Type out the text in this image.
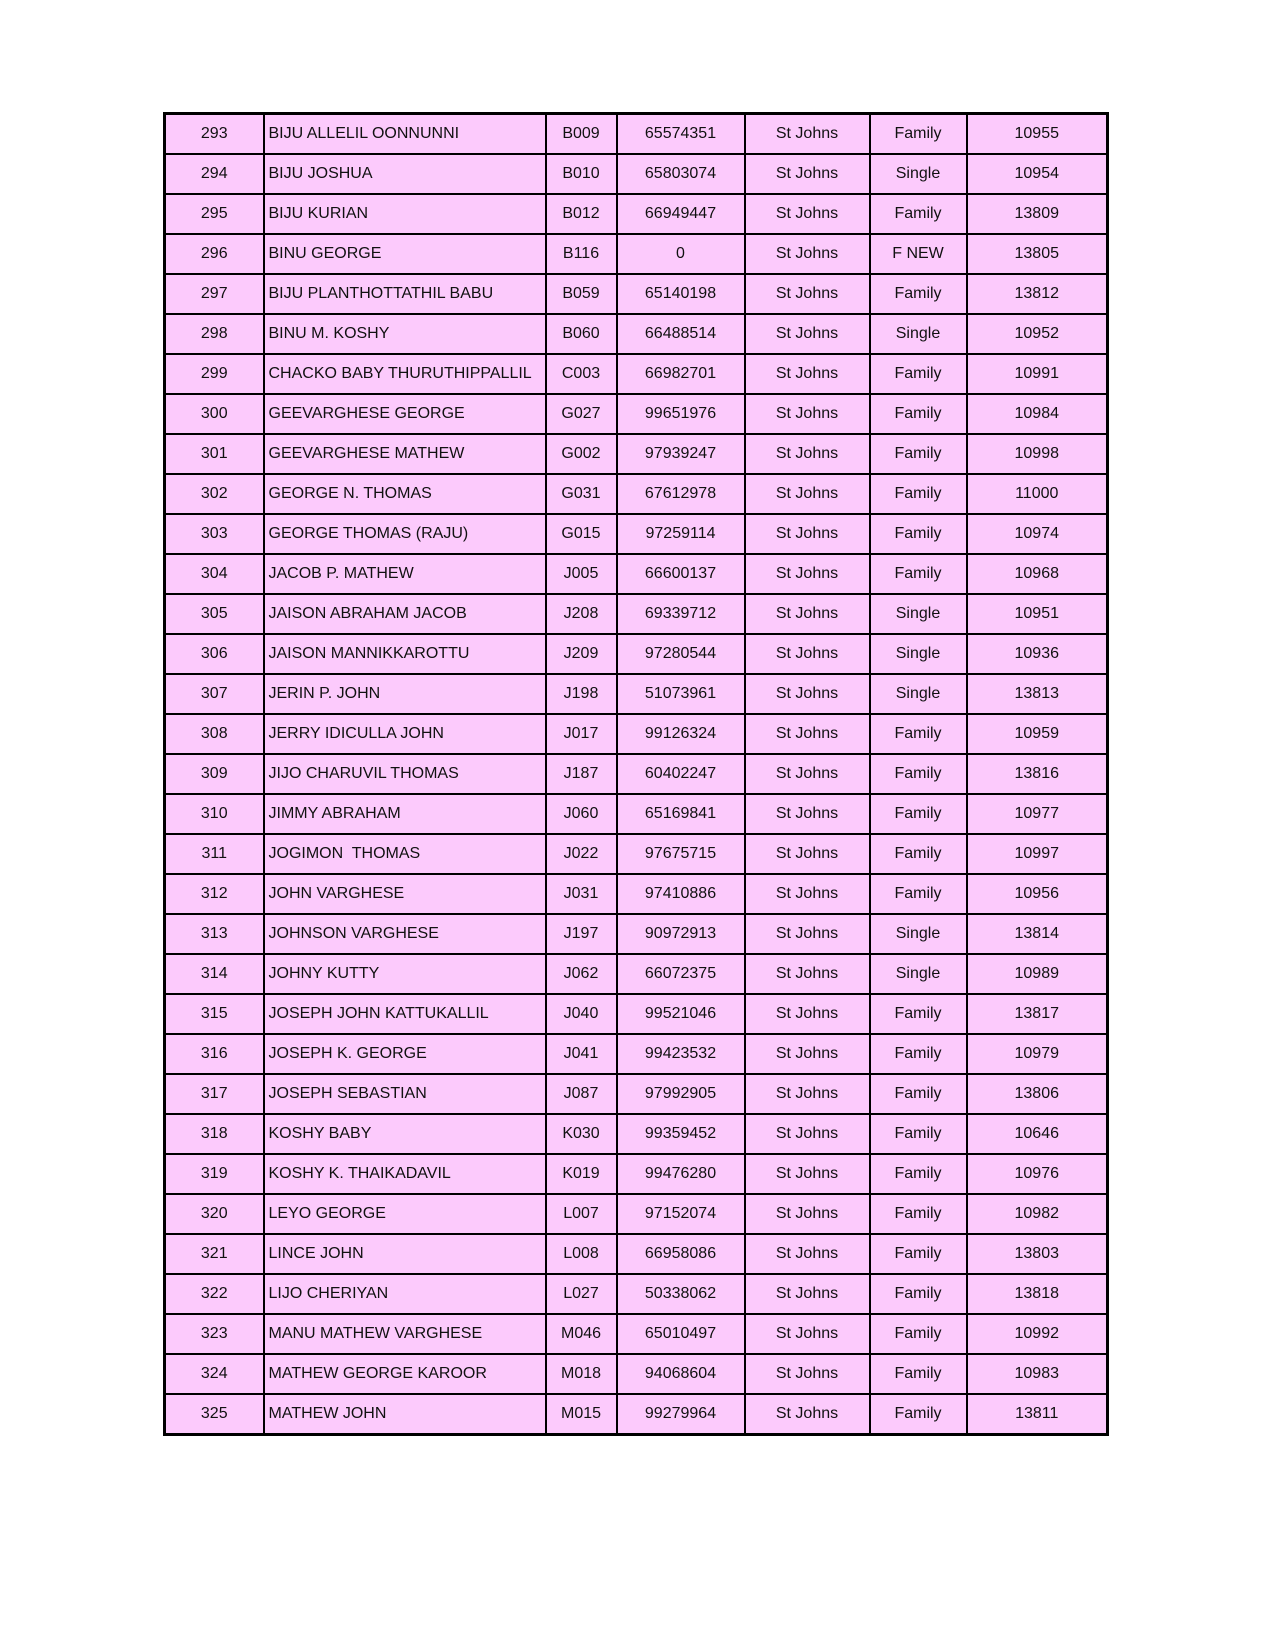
293	BIJU ALLELIL OONNUNNI	B009	65574351	St Johns	Family	10955
294	BIJU JOSHUA	B010	65803074	St Johns	Single	10954
295	BIJU KURIAN	B012	66949447	St Johns	Family	13809
296	BINU GEORGE	B116	0	St Johns	F NEW	13805
297	BIJU PLANTHOTTATHIL BABU	B059	65140198	St Johns	Family	13812
298	BINU M. KOSHY	B060	66488514	St Johns	Single	10952
299	CHACKO BABY THURUTHIPPALLIL	C003	66982701	St Johns	Family	10991
300	GEEVARGHESE GEORGE	G027	99651976	St Johns	Family	10984
301	GEEVARGHESE MATHEW	G002	97939247	St Johns	Family	10998
302	GEORGE N. THOMAS	G031	67612978	St Johns	Family	11000
303	GEORGE THOMAS (RAJU)	G015	97259114	St Johns	Family	10974
304	JACOB P. MATHEW	J005	66600137	St Johns	Family	10968
305	JAISON ABRAHAM JACOB	J208	69339712	St Johns	Single	10951
306	JAISON MANNIKKAROTTU	J209	97280544	St Johns	Single	10936
307	JERIN P. JOHN	J198	51073961	St Johns	Single	13813
308	JERRY IDICULLA JOHN	J017	99126324	St Johns	Family	10959
309	JIJO CHARUVIL THOMAS	J187	60402247	St Johns	Family	13816
310	JIMMY ABRAHAM	J060	65169841	St Johns	Family	10977
311	JOGIMON  THOMAS	J022	97675715	St Johns	Family	10997
312	JOHN VARGHESE	J031	97410886	St Johns	Family	10956
313	JOHNSON VARGHESE	J197	90972913	St Johns	Single	13814
314	JOHNY KUTTY	J062	66072375	St Johns	Single	10989
315	JOSEPH JOHN KATTUKALLIL	J040	99521046	St Johns	Family	13817
316	JOSEPH K. GEORGE	J041	99423532	St Johns	Family	10979
317	JOSEPH SEBASTIAN	J087	97992905	St Johns	Family	13806
318	KOSHY BABY	K030	99359452	St Johns	Family	10646
319	KOSHY K. THAIKADAVIL	K019	99476280	St Johns	Family	10976
320	LEYO GEORGE	L007	97152074	St Johns	Family	10982
321	LINCE JOHN	L008	66958086	St Johns	Family	13803
322	LIJO CHERIYAN	L027	50338062	St Johns	Family	13818
323	MANU MATHEW VARGHESE	M046	65010497	St Johns	Family	10992
324	MATHEW GEORGE KAROOR	M018	94068604	St Johns	Family	10983
325	MATHEW JOHN	M015	99279964	St Johns	Family	13811
